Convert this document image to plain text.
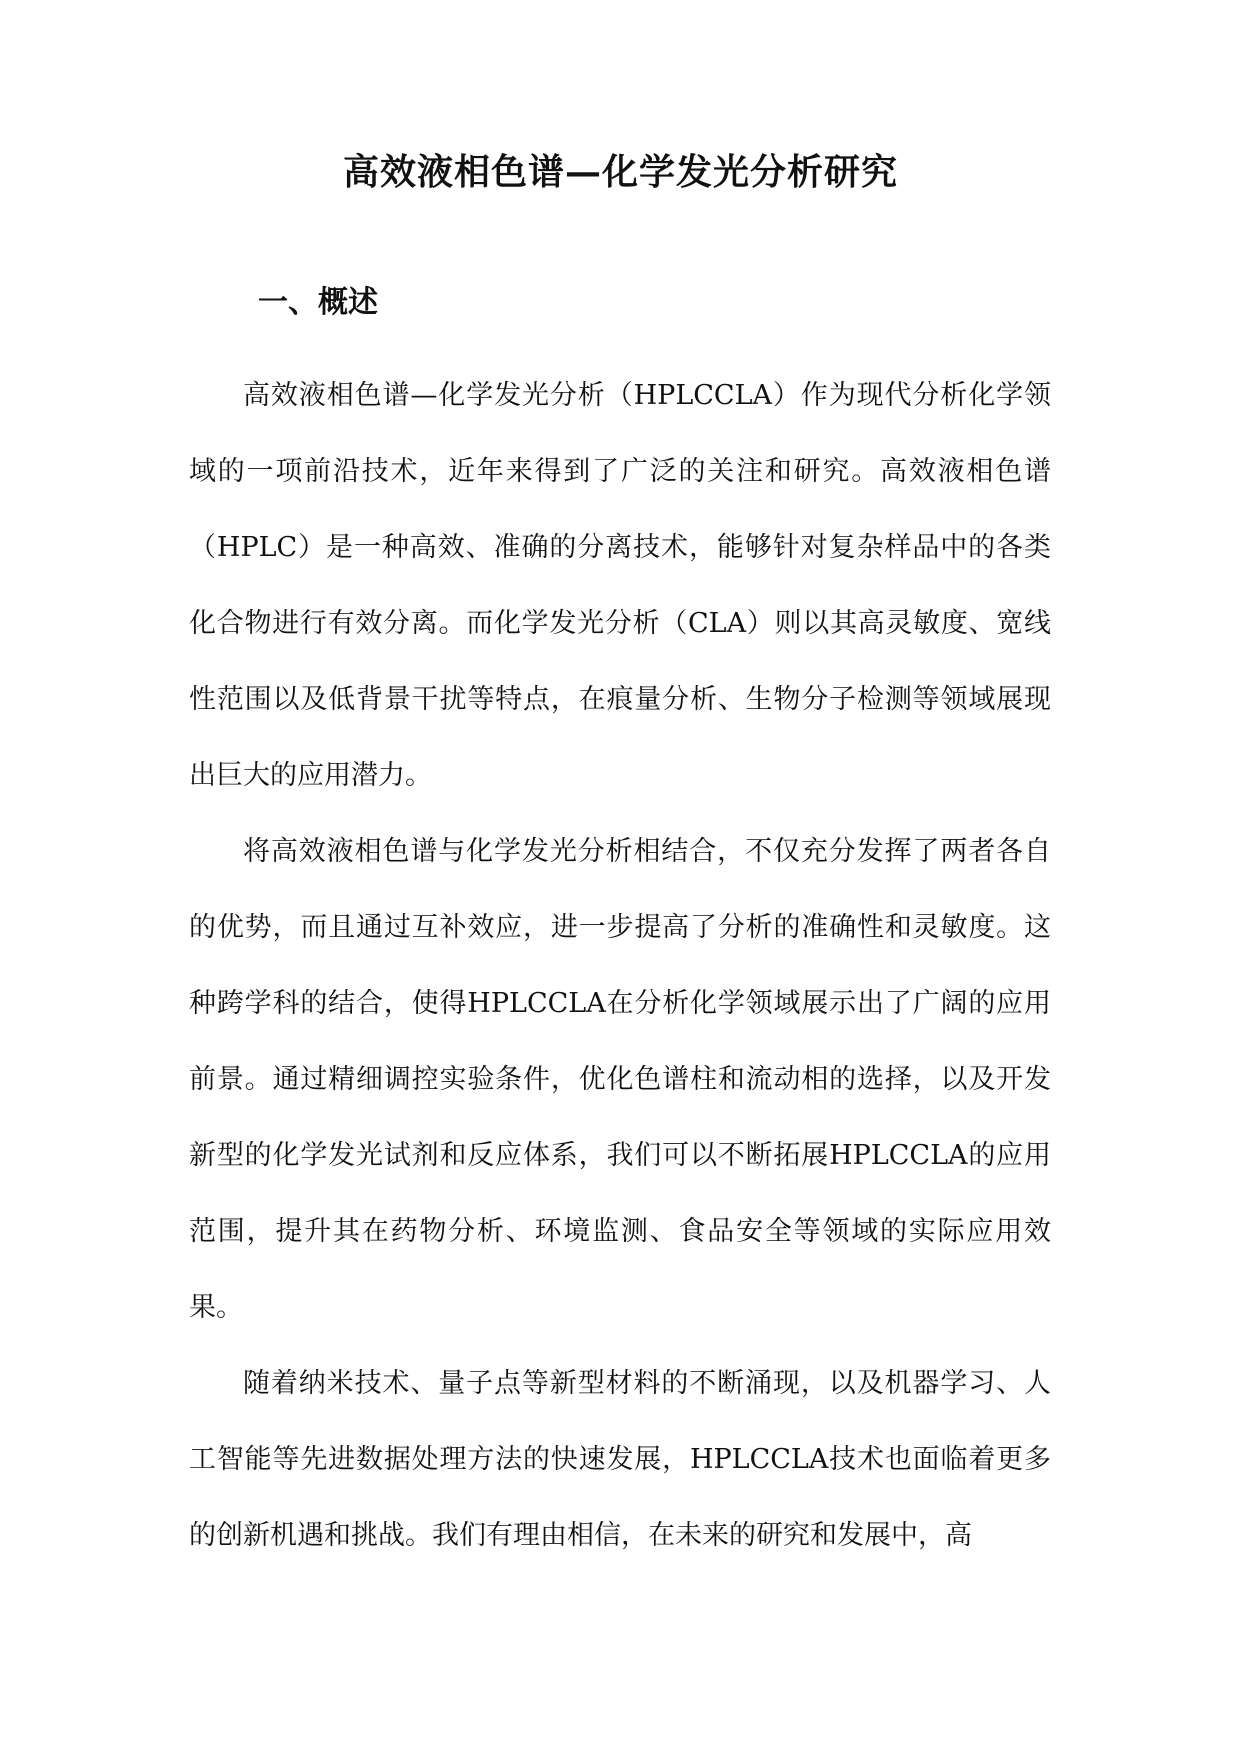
高效液相色谱—化学发光分析研究
一、概述

高效液相色谱—化学发光分析（HPLCCLA）作为现代分析化学领域的一项前沿技术，近年来得到了广泛的关注和研究。高效液相色谱（HPLC）是一种高效、准确的分离技术，能够针对复杂样品中的各类化合物进行有效分离。而化学发光分析（CLA）则以其高灵敏度、宽线性范围以及低背景干扰等特点，在痕量分析、生物分子检测等领域展现出巨大的应用潜力。

将高效液相色谱与化学发光分析相结合，不仅充分发挥了两者各自的优势，而且通过互补效应，进一步提高了分析的准确性和灵敏度。这种跨学科的结合，使得HPLCCLA在分析化学领域展示出了广阔的应用前景。通过精细调控实验条件，优化色谱柱和流动相的选择，以及开发新型的化学发光试剂和反应体系，我们可以不断拓展HPLCCLA的应用范围，提升其在药物分析、环境监测、食品安全等领域的实际应用效果。

随着纳米技术、量子点等新型材料的不断涌现，以及机器学习、人工智能等先进数据处理方法的快速发展，HPLCCLA技术也面临着更多的创新机遇和挑战。我们有理由相信，在未来的研究和发展中，高
